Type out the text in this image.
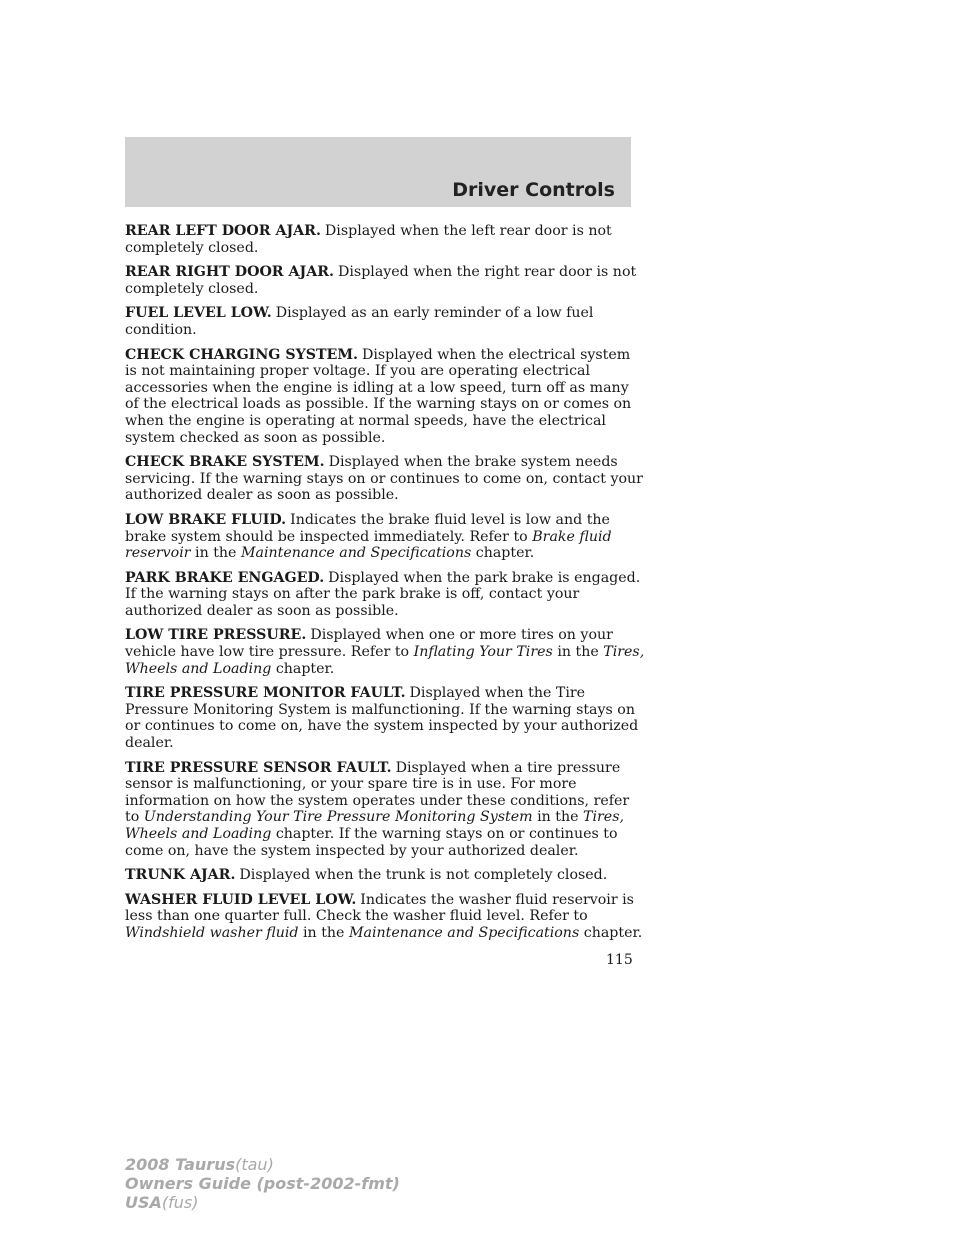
Driver Controls

REAR LEFT DOOR AJAR. Displayed when the left rear door is not completely closed.

REAR RIGHT DOOR AJAR. Displayed when the right rear door is not completely closed.

FUEL LEVEL LOW. Displayed as an early reminder of a low fuel condition.

CHECK CHARGING SYSTEM. Displayed when the electrical system is not maintaining proper voltage. If you are operating electrical accessories when the engine is idling at a low speed, turn off as many of the electrical loads as possible. If the warning stays on or comes on when the engine is operating at normal speeds, have the electrical system checked as soon as possible.

CHECK BRAKE SYSTEM. Displayed when the brake system needs servicing. If the warning stays on or continues to come on, contact your authorized dealer as soon as possible.

LOW BRAKE FLUID. Indicates the brake fluid level is low and the brake system should be inspected immediately. Refer to Brake fluid reservoir in the Maintenance and Specifications chapter.

PARK BRAKE ENGAGED. Displayed when the park brake is engaged. If the warning stays on after the park brake is off, contact your authorized dealer as soon as possible.

LOW TIRE PRESSURE. Displayed when one or more tires on your vehicle have low tire pressure. Refer to Inflating Your Tires in the Tires, Wheels and Loading chapter.

TIRE PRESSURE MONITOR FAULT. Displayed when the Tire Pressure Monitoring System is malfunctioning. If the warning stays on or continues to come on, have the system inspected by your authorized dealer.

TIRE PRESSURE SENSOR FAULT. Displayed when a tire pressure sensor is malfunctioning, or your spare tire is in use. For more information on how the system operates under these conditions, refer to Understanding Your Tire Pressure Monitoring System in the Tires, Wheels and Loading chapter. If the warning stays on or continues to come on, have the system inspected by your authorized dealer.

TRUNK AJAR. Displayed when the trunk is not completely closed.

WASHER FLUID LEVEL LOW. Indicates the washer fluid reservoir is less than one quarter full. Check the washer fluid level. Refer to Windshield washer fluid in the Maintenance and Specifications chapter.

115
2008 Taurus(tau)
Owners Guide (post-2002-fmt)
USA(fus)
